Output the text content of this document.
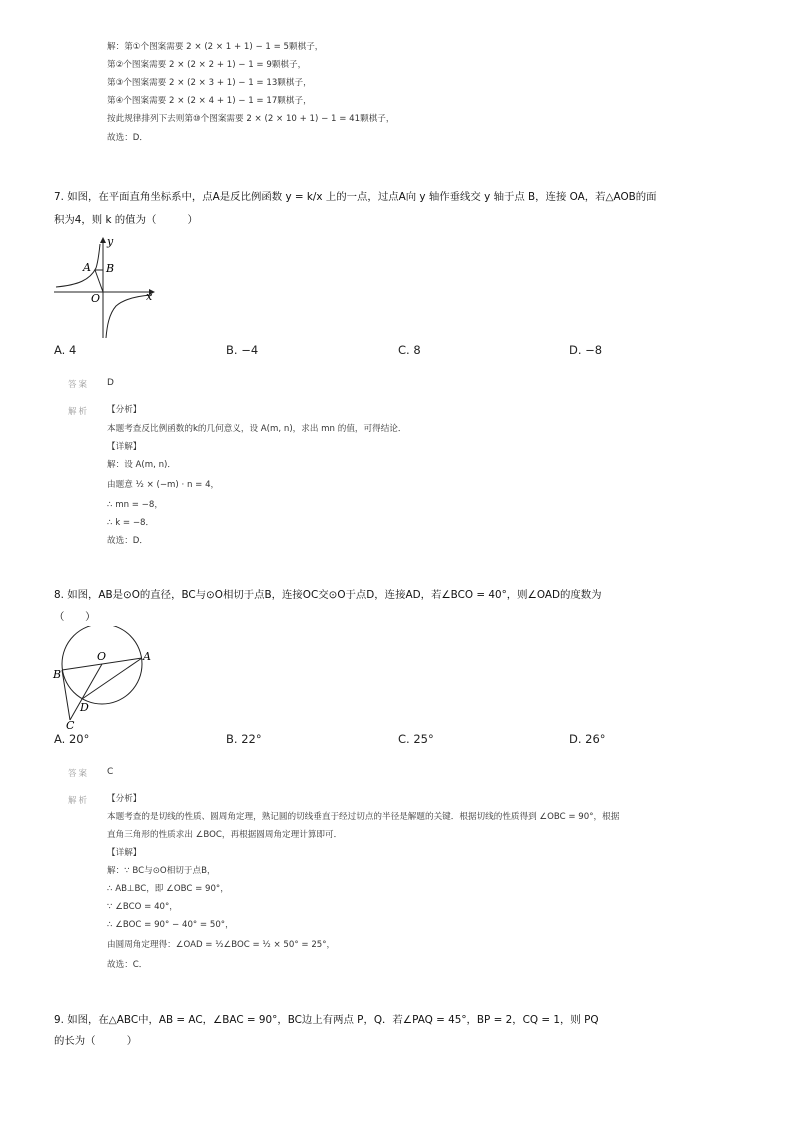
解：第①个图案需要 2 × (2 × 1 + 1) − 1 = 5颗棋子，
第②个图案需要 2 × (2 × 2 + 1) − 1 = 9颗棋子，
第③个图案需要 2 × (2 × 3 + 1) − 1 = 13颗棋子，
第④个图案需要 2 × (2 × 4 + 1) − 1 = 17颗棋子，
按此规律排列下去则第⑩个图案需要 2 × (2 × 10 + 1) − 1 = 41颗棋子，
故选：D．
7. 如图，在平面直角坐标系中，点A是反比例函数 y = k/x 上的一点，过点A向 y 轴作垂线交 y 轴于点 B，连接 OA，若△AOB的面
积为4，则 k 的值为（　　　）
y
x
A B
O
A. 4	B. −4	C. 8	D. −8
答案 D
解析 【分析】
本题考查反比例函数的k的几何意义，设 A(m, n)，求出 mn 的值，可得结论．
【详解】
解：设 A(m, n)．
由题意 ½ × (−m) · n = 4，
∴ mn = −8，
∴ k = −8．
故选：D．
8. 如图，AB是⊙O的直径，BC与⊙O相切于点B，连接OC交⊙O于点D，连接AD，若∠BCO = 40°，则∠OAD的度数为
（　　）
O	A
B
C
D
A. 20°	B. 22°	C. 25°	D. 26°
答案 C
解析 【分析】
本题考查的是切线的性质、圆周角定理，熟记圆的切线垂直于经过切点的半径是解题的关键．根据切线的性质得到 ∠OBC = 90°，根据
直角三角形的性质求出 ∠BOC，再根据圆周角定理计算即可．
【详解】
解：∵ BC与⊙O相切于点B，
∴ AB⊥BC，即 ∠OBC = 90°，
∵ ∠BCO = 40°，
∴ ∠BOC = 90° − 40° = 50°，
由圆周角定理得：∠OAD = ½∠BOC = ½ × 50° = 25°，
故选：C．
9. 如图，在△ABC中，AB = AC，∠BAC = 90°，BC边上有两点 P，Q．若∠PAQ = 45°，BP = 2，CQ = 1，则 PQ
的长为（　　　）
